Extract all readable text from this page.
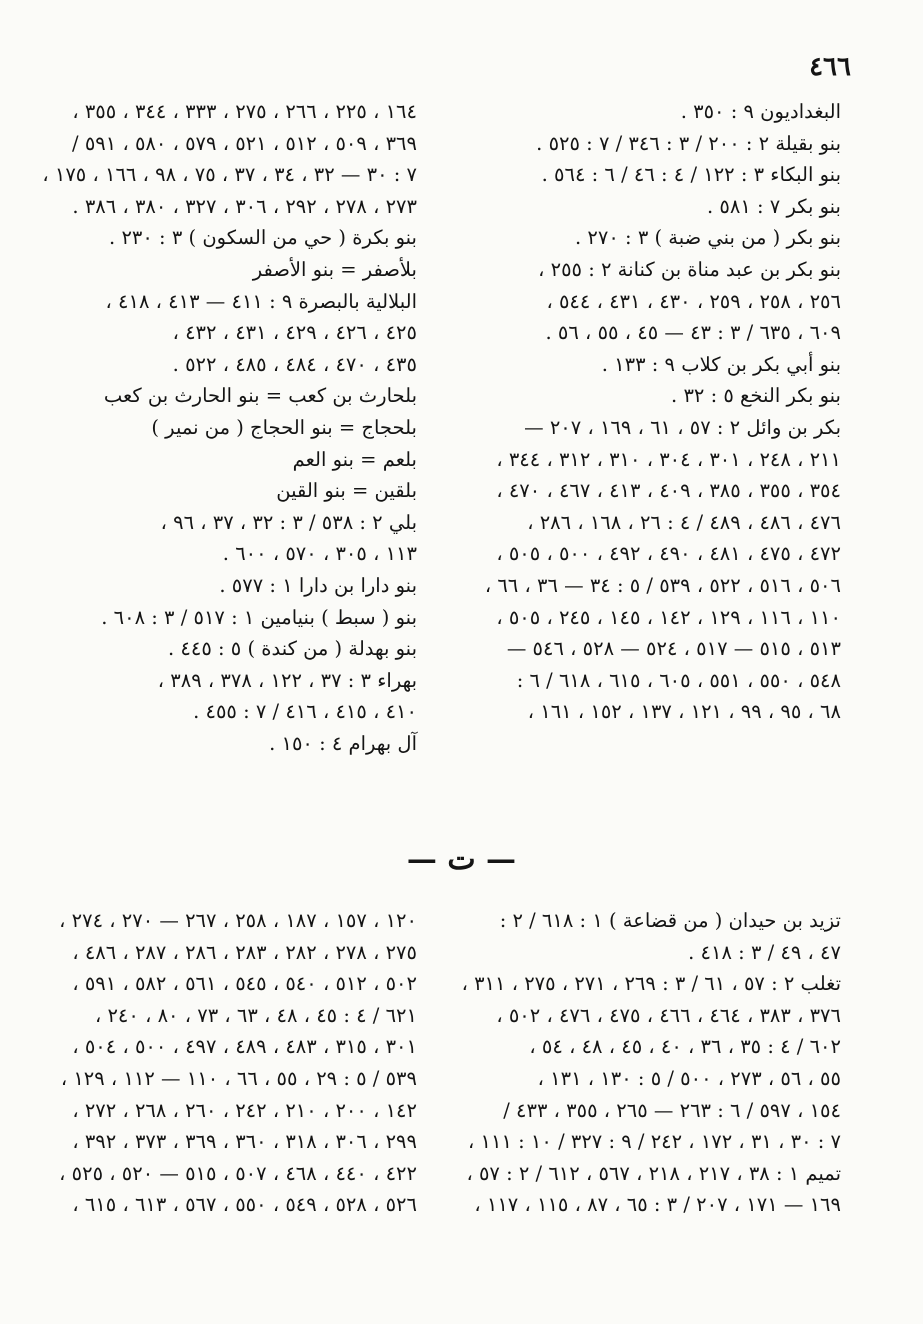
٤٦٦
البغداديون ٩ : ٣٥٠ .
بنو بقيلة ٢ : ٢٠٠ / ٣ : ٣٤٦ / ٧ : ٥٢٥ .
بنو البكاء ٣ : ١٢٢ / ٤ : ٤٦ / ٦ : ٥٦٤ .
بنو بكر ٧ : ٥٨١ .
بنو بكر ( من بني ضبة ) ٣ : ٢٧٠ .
بنو بكر بن عبد مناة بن كنانة ٢ : ٢٥٥ ،
٢٥٦ ، ٢٥٨ ، ٢٥٩ ، ٤٣٠ ، ٤٣١ ، ٥٤٤ ،
٦٠٩ ، ٦٣٥ / ٣ : ٤٣ — ٤٥ ، ٥٥ ، ٥٦ .
بنو أبي بكر بن كلاب ٩ : ١٣٣ .
بنو بكر النخع ٥ : ٣٢ .
بكر بن وائل ٢ : ٥٧ ، ٦١ ، ١٦٩ ، ٢٠٧ —
٢١١ ، ٢٤٨ ، ٣٠١ ، ٣٠٤ ، ٣١٠ ، ٣١٢ ، ٣٤٤ ،
٣٥٤ ، ٣٥٥ ، ٣٨٥ ، ٤٠٩ ، ٤١٣ ، ٤٦٧ ، ٤٧٠ ،
٤٧٦ ، ٤٨٦ ، ٤٨٩ / ٤ : ٢٦ ، ١٦٨ ، ٢٨٦ ،
٤٧٢ ، ٤٧٥ ، ٤٨١ ، ٤٩٠ ، ٤٩٢ ، ٥٠٠ ، ٥٠٥ ،
٥٠٦ ، ٥١٦ ، ٥٢٢ ، ٥٣٩ / ٥ : ٣٤ — ٣٦ ، ٦٦ ،
١١٠ ، ١١٦ ، ١٢٩ ، ١٤٢ ، ١٤٥ ، ٢٤٥ ، ٥٠٥ ،
٥١٣ ، ٥١٥ — ٥١٧ ، ٥٢٤ — ٥٢٨ ، ٥٤٦ —
٥٤٨ ، ٥٥٠ ، ٥٥١ ، ٦٠٥ ، ٦١٥ ، ٦١٨ / ٦ :
٦٨ ، ٩٥ ، ٩٩ ، ١٢١ ، ١٣٧ ، ١٥٢ ، ١٦١ ،
١٦٤ ، ٢٢٥ ، ٢٦٦ ، ٢٧٥ ، ٣٣٣ ، ٣٤٤ ، ٣٥٥ ،
٣٦٩ ، ٥٠٩ ، ٥١٢ ، ٥٢١ ، ٥٧٩ ، ٥٨٠ ، ٥٩١ /
٧ : ٣٠ — ٣٢ ، ٣٤ ، ٣٧ ، ٧٥ ، ٩٨ ، ١٦٦ ، ١٧٥ ،
٢٧٣ ، ٢٧٨ ، ٢٩٢ ، ٣٠٦ ، ٣٢٧ ، ٣٨٠ ، ٣٨٦ .
بنو بكرة ( حي من السكون ) ٣ : ٢٣٠ .
بلأصفر = بنو الأصفر
البلالية بالبصرة ٩ : ٤١١ — ٤١٣ ، ٤١٨ ،
٤٢٥ ، ٤٢٦ ، ٤٢٩ ، ٤٣١ ، ٤٣٢ ،
٤٣٥ ، ٤٧٠ ، ٤٨٤ ، ٤٨٥ ، ٥٢٢ .
بلحارث بن كعب = بنو الحارث بن كعب
بلحجاج = بنو الحجاج ( من نمير )
بلعم = بنو العم
بلقين = بنو القين
بلي ٢ : ٥٣٨ / ٣ : ٣٢ ، ٣٧ ، ٩٦ ،
١١٣ ، ٣٠٥ ، ٥٧٠ ، ٦٠٠ .
بنو دارا بن دارا ١ : ٥٧٧ .
بنو ( سبط ) بنيامين ١ : ٥١٧ / ٣ : ٦٠٨ .
بنو بهدلة ( من كندة ) ٥ : ٤٤٥ .
بهراء ٣ : ٣٧ ، ١٢٢ ، ٣٧٨ ، ٣٨٩ ،
٤١٠ ، ٤١٥ ، ٤١٦ / ٧ : ٤٥٥ .
آل بهرام ٤ : ١٥٠ .
— ت —
تزيد بن حيدان ( من قضاعة ) ١ : ٦١٨ / ٢ :
٤٧ ، ٤٩ / ٣ : ٤١٨ .
تغلب ٢ : ٥٧ ، ٦١ / ٣ : ٢٦٩ ، ٢٧١ ، ٢٧٥ ، ٣١١ ،
٣٧٦ ، ٣٨٣ ، ٤٦٤ ، ٤٦٦ ، ٤٧٥ ، ٤٧٦ ، ٥٠٢ ،
٦٠٢ / ٤ : ٣٥ ، ٣٦ ، ٤٠ ، ٤٥ ، ٤٨ ، ٥٤ ،
٥٥ ، ٥٦ ، ٢٧٣ ، ٥٠٠ / ٥ : ١٣٠ ، ١٣١ ،
١٥٤ ، ٥٩٧ / ٦ : ٢٦٣ — ٢٦٥ ، ٣٥٥ ، ٤٣٣ /
٧ : ٣٠ ، ٣١ ، ١٧٢ ، ٢٤٢ / ٩ : ٣٢٧ / ١٠ : ١١١ ،
تميم ١ : ٣٨ ، ٢١٧ ، ٢١٨ ، ٥٦٧ ، ٦١٢ / ٢ : ٥٧ ،
١٦٩ — ١٧١ ، ٢٠٧ / ٣ : ٦٥ ، ٨٧ ، ١١٥ ، ١١٧ ،
١٢٠ ، ١٥٧ ، ١٨٧ ، ٢٥٨ ، ٢٦٧ — ٢٧٠ ، ٢٧٤ ،
٢٧٥ ، ٢٧٨ ، ٢٨٢ ، ٢٨٣ ، ٢٨٦ ، ٢٨٧ ، ٤٨٦ ،
٥٠٢ ، ٥١٢ ، ٥٤٠ ، ٥٤٥ ، ٥٦١ ، ٥٨٢ ، ٥٩١ ،
٦٢١ / ٤ : ٤٥ ، ٤٨ ، ٦٣ ، ٧٣ ، ٨٠ ، ٢٤٠ ،
٣٠١ ، ٣١٥ ، ٤٨٣ ، ٤٨٩ ، ٤٩٧ ، ٥٠٠ ، ٥٠٤ ،
٥٣٩ / ٥ : ٢٩ ، ٥٥ ، ٦٦ ، ١١٠ — ١١٢ ، ١٢٩ ،
١٤٢ ، ٢٠٠ ، ٢١٠ ، ٢٤٢ ، ٢٦٠ ، ٢٦٨ ، ٢٧٢ ،
٢٩٩ ، ٣٠٦ ، ٣١٨ ، ٣٦٠ ، ٣٦٩ ، ٣٧٣ ، ٣٩٢ ،
٤٢٢ ، ٤٤٠ ، ٤٦٨ ، ٥٠٧ ، ٥١٥ — ٥٢٠ ، ٥٢٥ ،
٥٢٦ ، ٥٢٨ ، ٥٤٩ ، ٥٥٠ ، ٥٦٧ ، ٦١٣ ، ٦١٥ ،
